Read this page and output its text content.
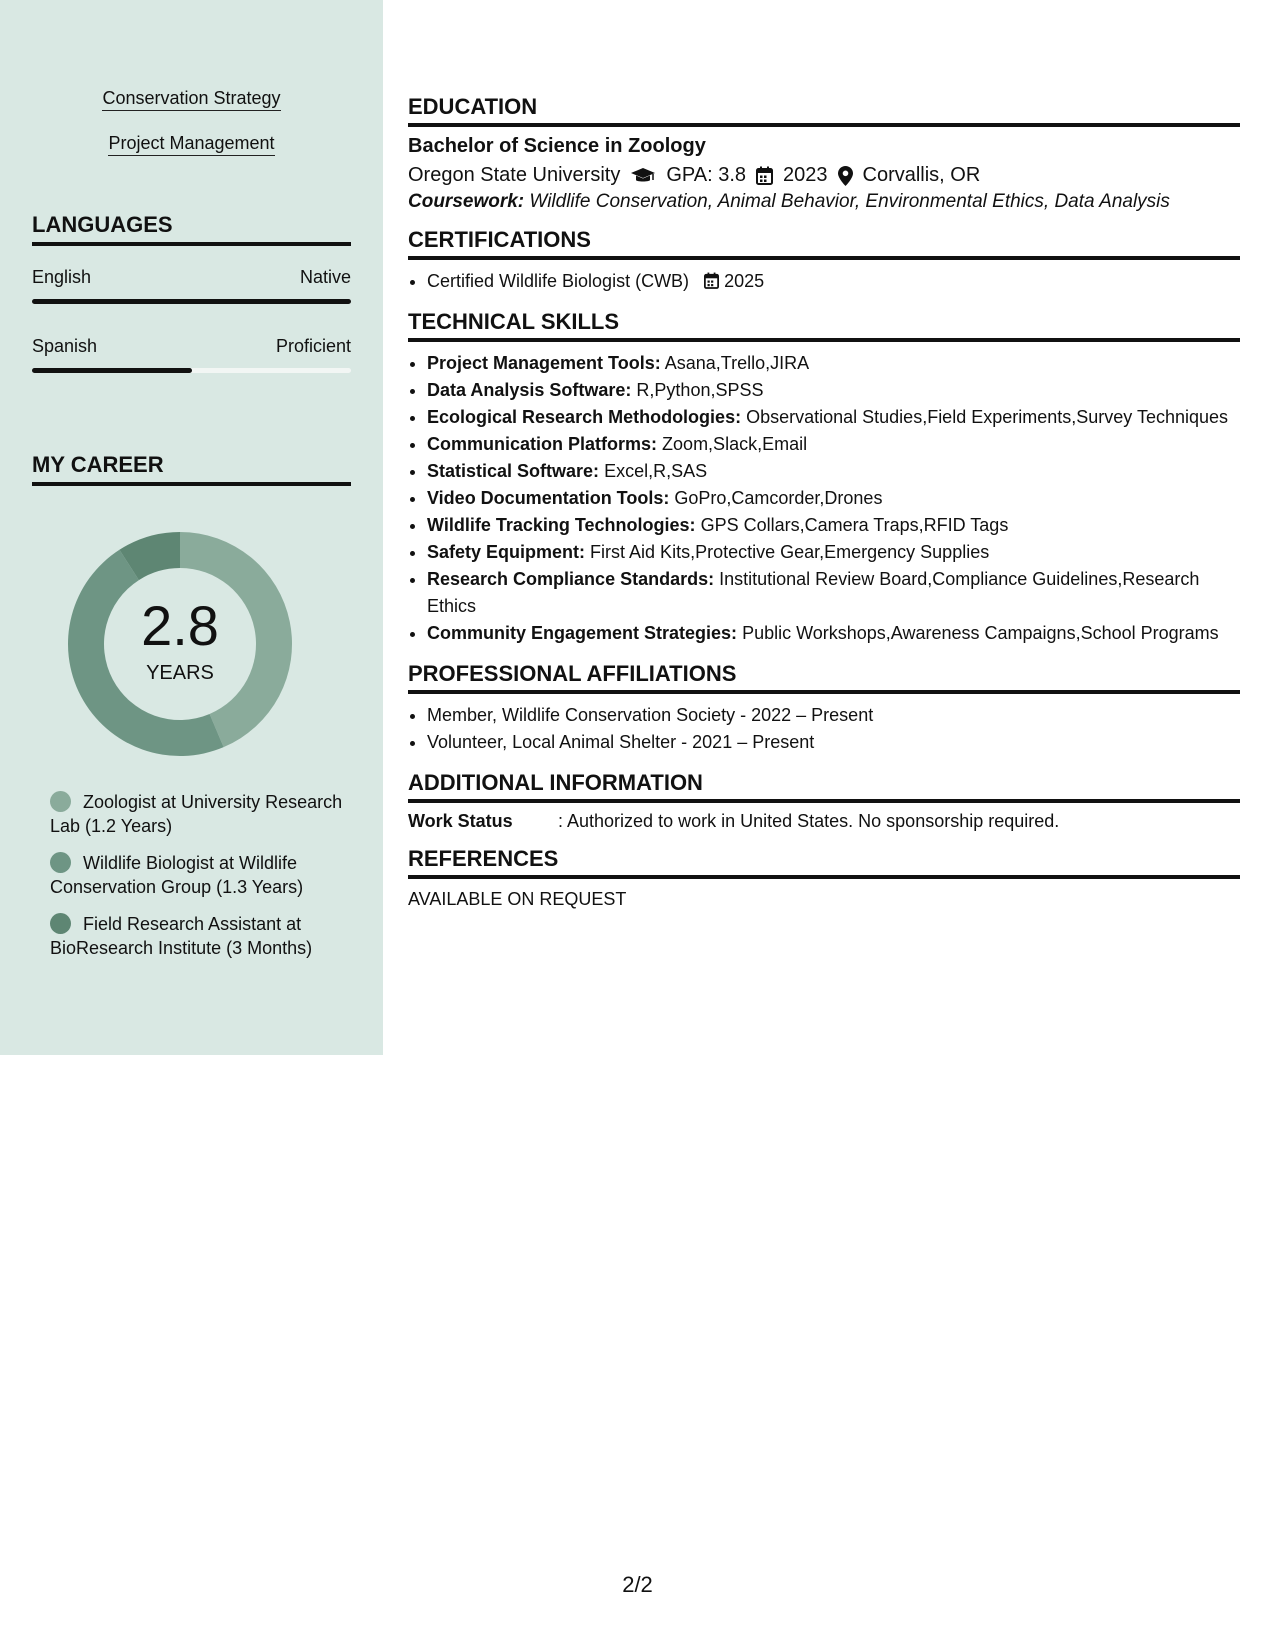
Conservation Strategy
Project Management
LANGUAGES
English	Native
Spanish	Proficient
MY CAREER
2.8
YEARS
Zoologist at University Research Lab (1.2 Years)
Wildlife Biologist at Wildlife Conservation Group (1.3 Years)
Field Research Assistant at BioResearch Institute (3 Months)
EDUCATION
Bachelor of Science in Zoology
Oregon State University GPA: 3.8 2023 Corvallis, OR
Coursework: Wildlife Conservation, Animal Behavior, Environmental Ethics, Data Analysis
CERTIFICATIONS
• Certified Wildlife Biologist (CWB) 2025
TECHNICAL SKILLS
• Project Management Tools: Asana,Trello,JIRA
• Data Analysis Software: R,Python,SPSS
• Ecological Research Methodologies: Observational Studies,Field Experiments,Survey Techniques
• Communication Platforms: Zoom,Slack,Email
• Statistical Software: Excel,R,SAS
• Video Documentation Tools: GoPro,Camcorder,Drones
• Wildlife Tracking Technologies: GPS Collars,Camera Traps,RFID Tags
• Safety Equipment: First Aid Kits,Protective Gear,Emergency Supplies
• Research Compliance Standards: Institutional Review Board,Compliance Guidelines,Research Ethics
• Community Engagement Strategies: Public Workshops,Awareness Campaigns,School Programs
PROFESSIONAL AFFILIATIONS
• Member, Wildlife Conservation Society - 2022 – Present
• Volunteer, Local Animal Shelter - 2021 – Present
ADDITIONAL INFORMATION
Work Status	: Authorized to work in United States. No sponsorship required.
REFERENCES
AVAILABLE ON REQUEST
2/2
